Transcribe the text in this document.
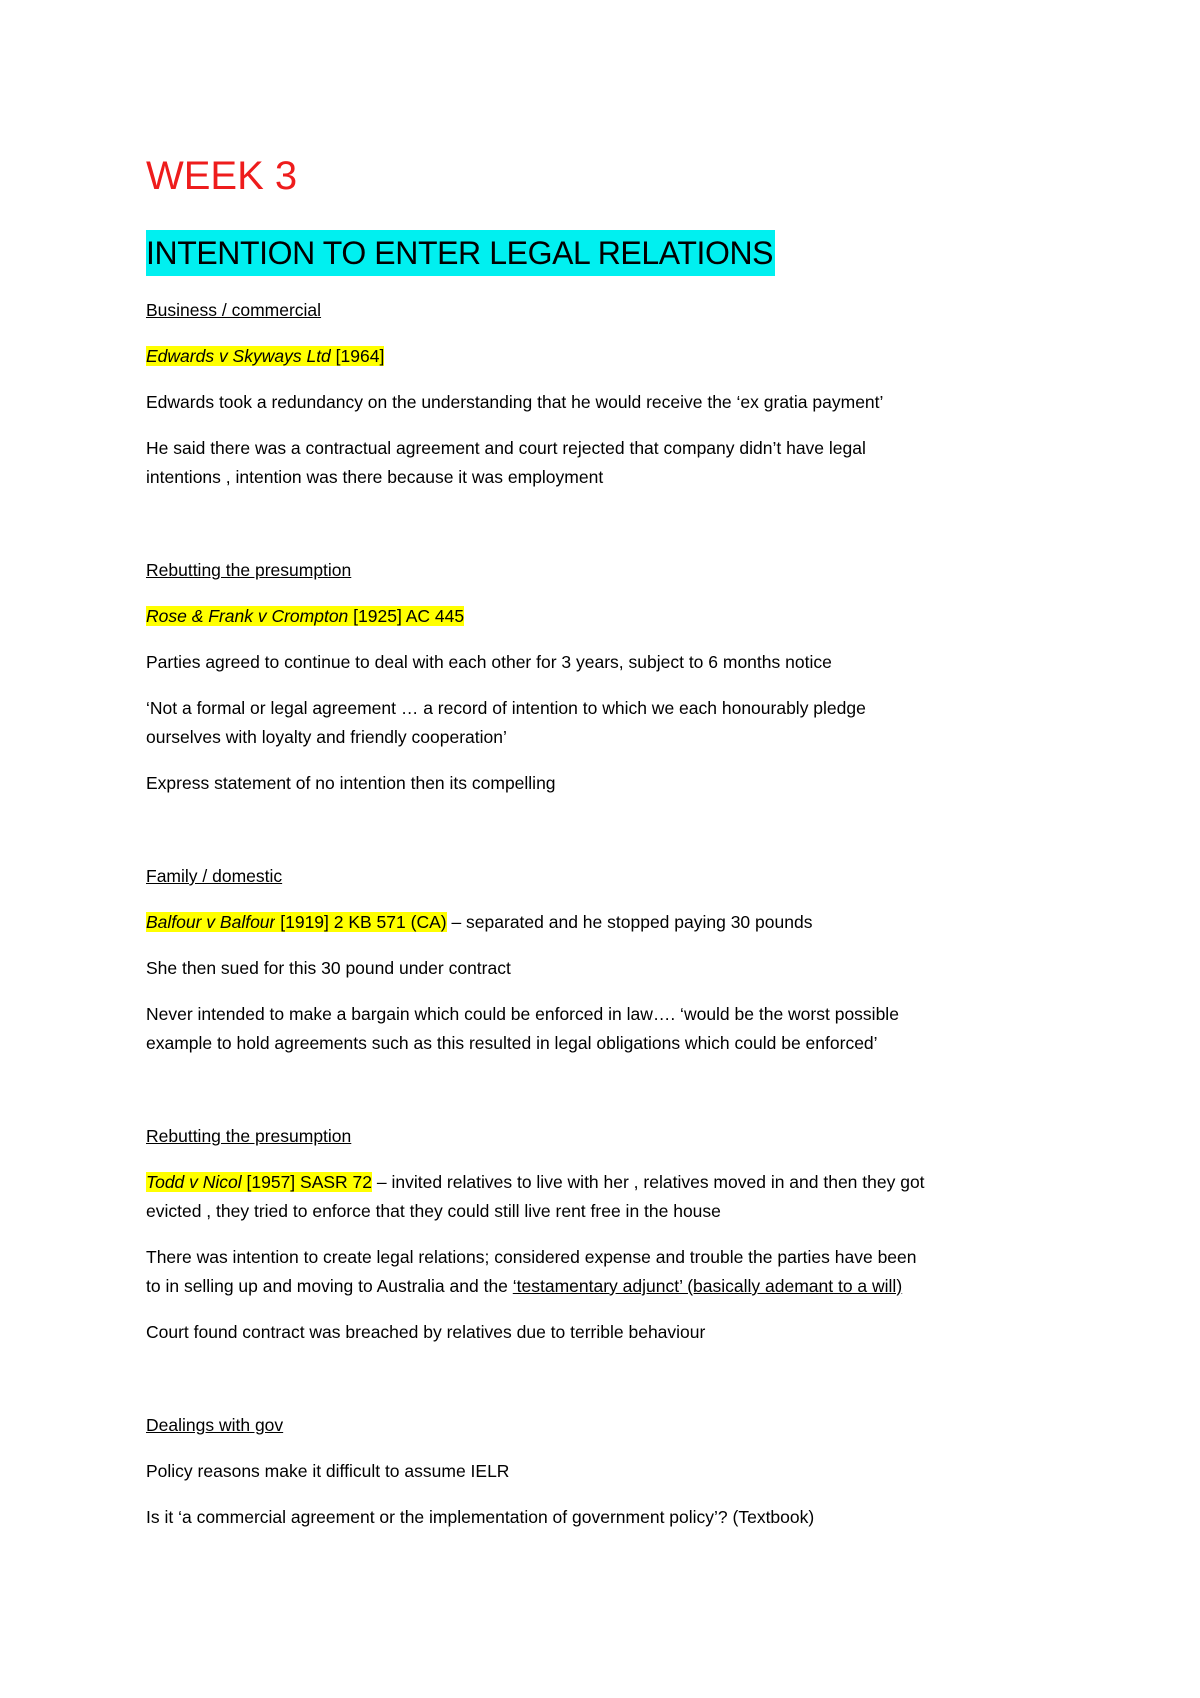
WEEK 3
INTENTION TO ENTER LEGAL RELATIONS
Business / commercial
Edwards v Skyways Ltd [1964]
Edwards took a redundancy on the understanding that he would receive the ‘ex gratia payment’
He said there was a contractual agreement and court rejected that company didn’t have legal
intentions , intention was there because it was employment
Rebutting the presumption
Rose & Frank v Crompton [1925] AC 445
Parties agreed to continue to deal with each other for 3 years, subject to 6 months notice
‘Not a formal or legal agreement … a record of intention to which we each honourably pledge
ourselves with loyalty and friendly cooperation’
Express statement of no intention then its compelling
Family / domestic
Balfour v Balfour [1919] 2 KB 571 (CA) – separated and he stopped paying 30 pounds
She then sued for this 30 pound under contract
Never intended to make a bargain which could be enforced in law…. ‘would be the worst possible
example to hold agreements such as this resulted in legal obligations which could be enforced’
Rebutting the presumption
Todd v Nicol [1957] SASR 72 – invited relatives to live with her , relatives moved in and then they got
evicted , they tried to enforce that they could still live rent free in the house
There was intention to create legal relations; considered expense and trouble the parties have been
to in selling up and moving to Australia and the ‘testamentary adjunct’ (basically ademant to a will)
Court found contract was breached by relatives due to terrible behaviour
Dealings with gov
Policy reasons make it difficult to assume IELR
Is it ‘a commercial agreement or the implementation of government policy’? (Textbook)
